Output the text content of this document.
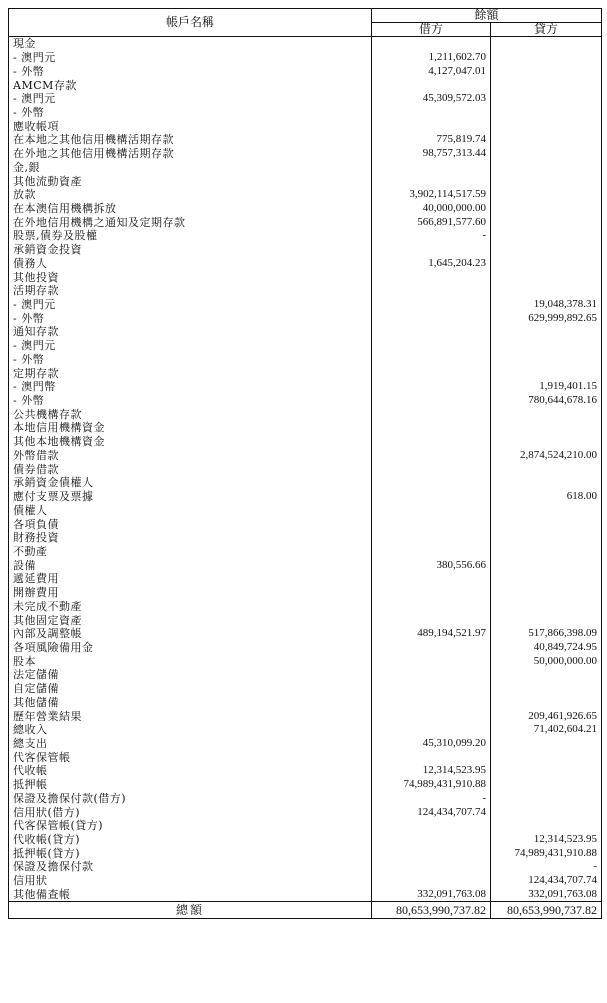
帳戶名稱	餘額	
	借方	貸方
現金		
- 澳門元	1,211,602.70	
- 外幣	4,127,047.01	
AMCM存款		
- 澳門元	45,309,572.03	
- 外幣		
應收帳項		
在本地之其他信用機構活期存款	775,819.74	
在外地之其他信用機構活期存款	98,757,313.44	
金,銀		
其他流動資產		
放款	3,902,114,517.59	
在本澳信用機構拆放	40,000,000.00	
在外地信用機構之通知及定期存款	566,891,577.60	
股票,債券及股權	-	
承銷資金投資		
債務人	1,645,204.23	
其他投資		
活期存款		
- 澳門元		19,048,378.31
- 外幣		629,999,892.65
通知存款		
- 澳門元		
- 外幣		
定期存款		
- 澳門幣		1,919,401.15
- 外幣		780,644,678.16
公共機構存款		
本地信用機構資金		
其他本地機構資金		
外幣借款		2,874,524,210.00
債券借款		
承銷資金債權人		
應付支票及票據		618.00
債權人		
各項負債		
財務投資		
不動產		
設備	380,556.66	
遞延費用		
開辦費用		
未完成不動產		
其他固定資產		
內部及調整帳	489,194,521.97	517,866,398.09
各項風險備用金		40,849,724.95
股本		50,000,000.00
法定儲備		
自定儲備		
其他儲備		
歷年營業結果		209,461,926.65
總收入		71,402,604.21
總支出	45,310,099.20	
代客保管帳		
代收帳	12,314,523.95	
抵押帳	74,989,431,910.88	
保證及擔保付款(借方)	-	
信用狀(借方)	124,434,707.74	
代客保管帳(貸方)		
代收帳(貸方)		12,314,523.95
抵押帳(貸方)		74,989,431,910.88
保證及擔保付款		-
信用狀		124,434,707.74
其他備查帳	332,091,763.08	332,091,763.08
總額	80,653,990,737.82	80,653,990,737.82
